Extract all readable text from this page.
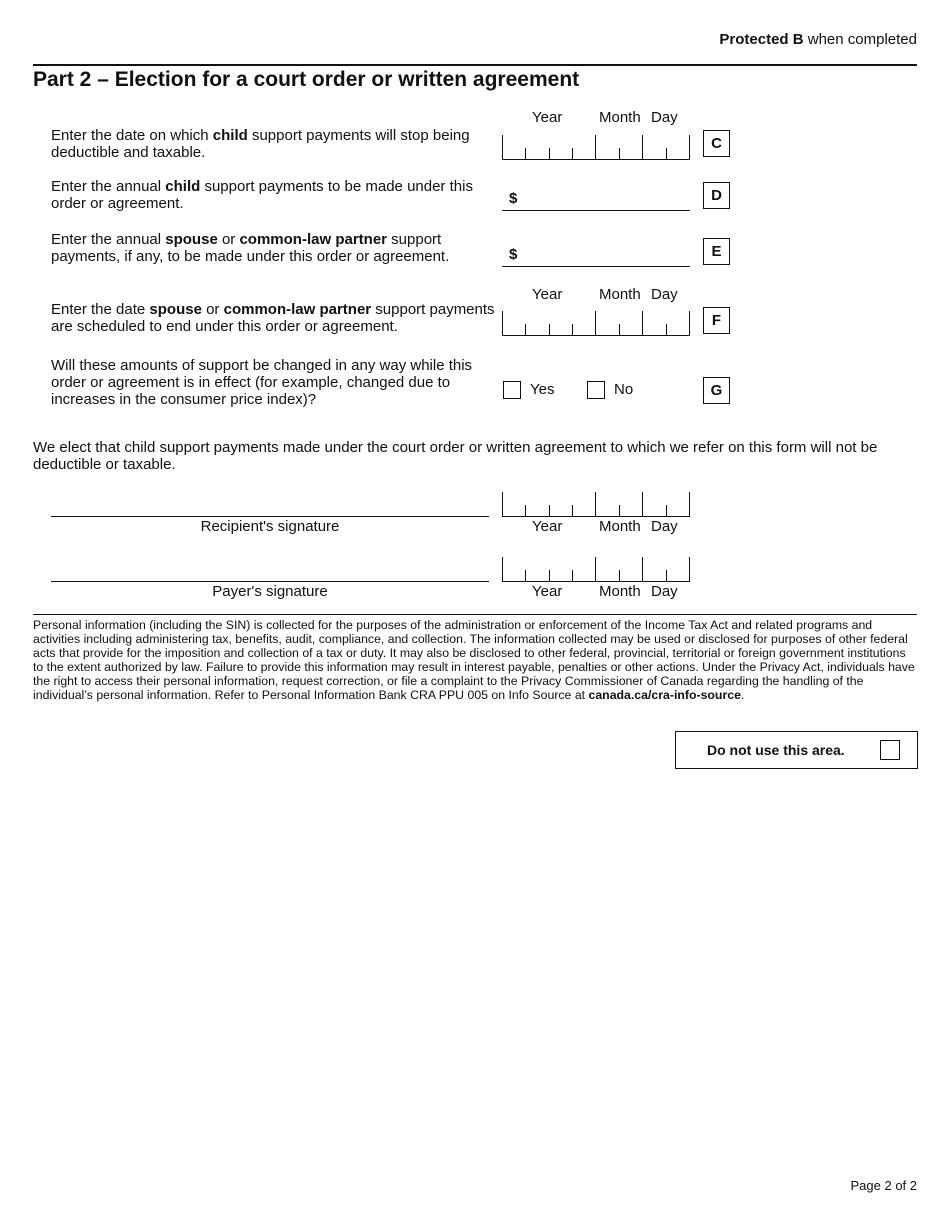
Protected B when completed
Part 2 – Election for a court order or written agreement
Year Month Day
Enter the date on which child support payments will stop being deductible and taxable.
C
Enter the annual child support payments to be made under this order or agreement.	$	D
Enter the annual spouse or common-law partner support payments, if any, to be made under this order or agreement.	$	E
Year Month Day
Enter the date spouse or common-law partner support payments are scheduled to end under this order or agreement.	F
Will these amounts of support be changed in any way while this order or agreement is in effect (for example, changed due to increases in the consumer price index)?
Yes	No	G
We elect that child support payments made under the court order or written agreement to which we refer on this form will not be deductible or taxable.
Recipient's signature	Year Month Day
Payer's signature	Year Month Day
Personal information (including the SIN) is collected for the purposes of the administration or enforcement of the Income Tax Act and related programs and activities including administering tax, benefits, audit, compliance, and collection. The information collected may be used or disclosed for purposes of other federal acts that provide for the imposition and collection of a tax or duty. It may also be disclosed to other federal, provincial, territorial or foreign government institutions to the extent authorized by law. Failure to provide this information may result in interest payable, penalties or other actions. Under the Privacy Act, individuals have the right to access their personal information, request correction, or file a complaint to the Privacy Commissioner of Canada regarding the handling of the individual’s personal information. Refer to Personal Information Bank CRA PPU 005 on Info Source at canada.ca/cra-info-source.
Do not use this area.
Page 2 of 2
